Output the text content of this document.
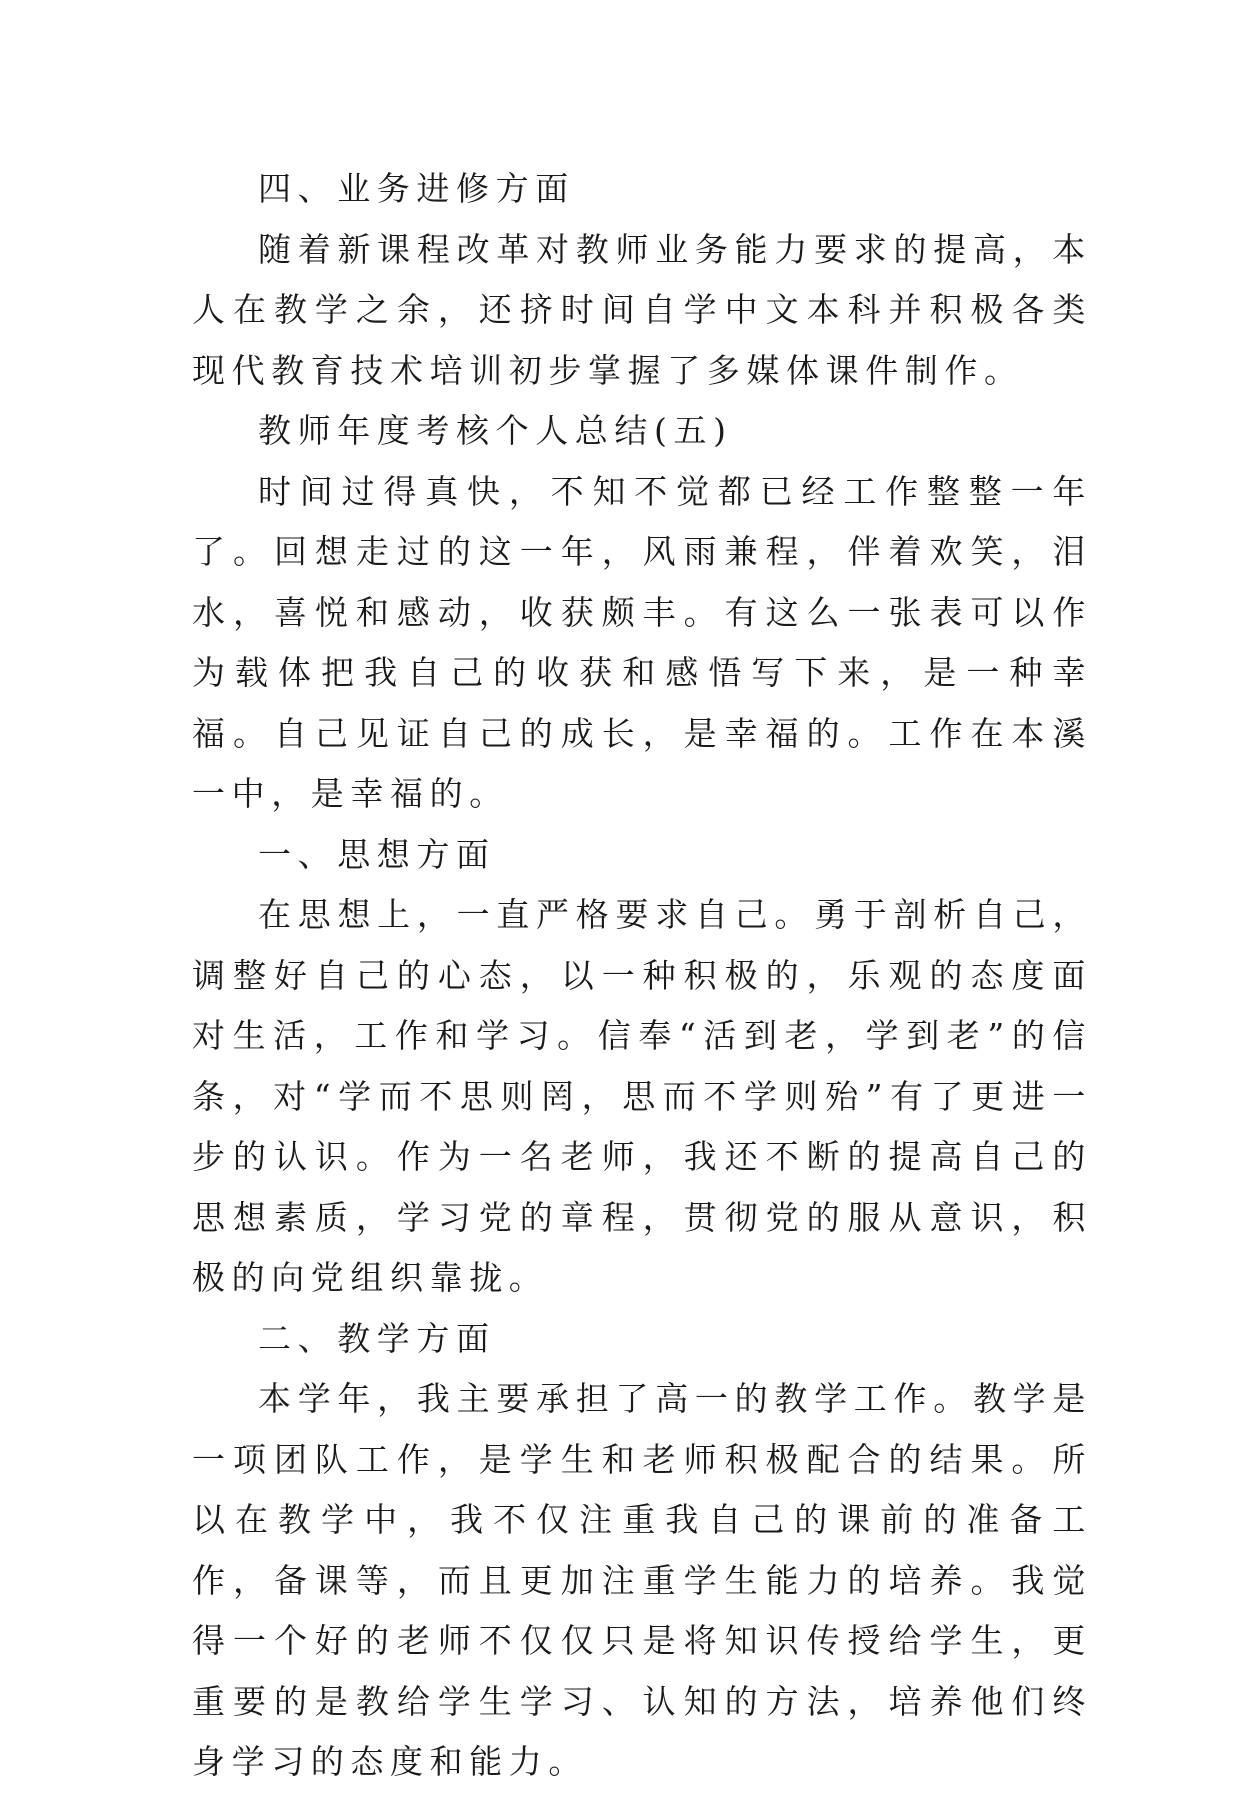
四、业务进修方面

随着新课程改革对教师业务能力要求的提高，本人在教学之余，还挤时间自学中文本科并积极各类现代教育技术培训初步掌握了多媒体课件制作。

教师年度考核个人总结(五)

时间过得真快，不知不觉都已经工作整整一年了。回想走过的这一年，风雨兼程，伴着欢笑，泪水，喜悦和感动，收获颇丰。有这么一张表可以作为载体把我自己的收获和感悟写下来，是一种幸福。自己见证自己的成长，是幸福的。工作在本溪一中，是幸福的。

一、思想方面

在思想上，一直严格要求自己。勇于剖析自己，调整好自己的心态，以一种积极的，乐观的态度面对生活，工作和学习。信奉“活到老，学到老”的信条，对“学而不思则罔，思而不学则殆”有了更进一步的认识。作为一名老师，我还不断的提高自己的思想素质，学习党的章程，贯彻党的服从意识，积极的向党组织靠拢。

二、教学方面

本学年，我主要承担了高一的教学工作。教学是一项团队工作，是学生和老师积极配合的结果。所以在教学中，我不仅注重我自己的课前的准备工作，备课等，而且更加注重学生能力的培养。我觉得一个好的老师不仅仅只是将知识传授给学生，更重要的是教给学生学习、认知的方法，培养他们终身学习的态度和能力。
